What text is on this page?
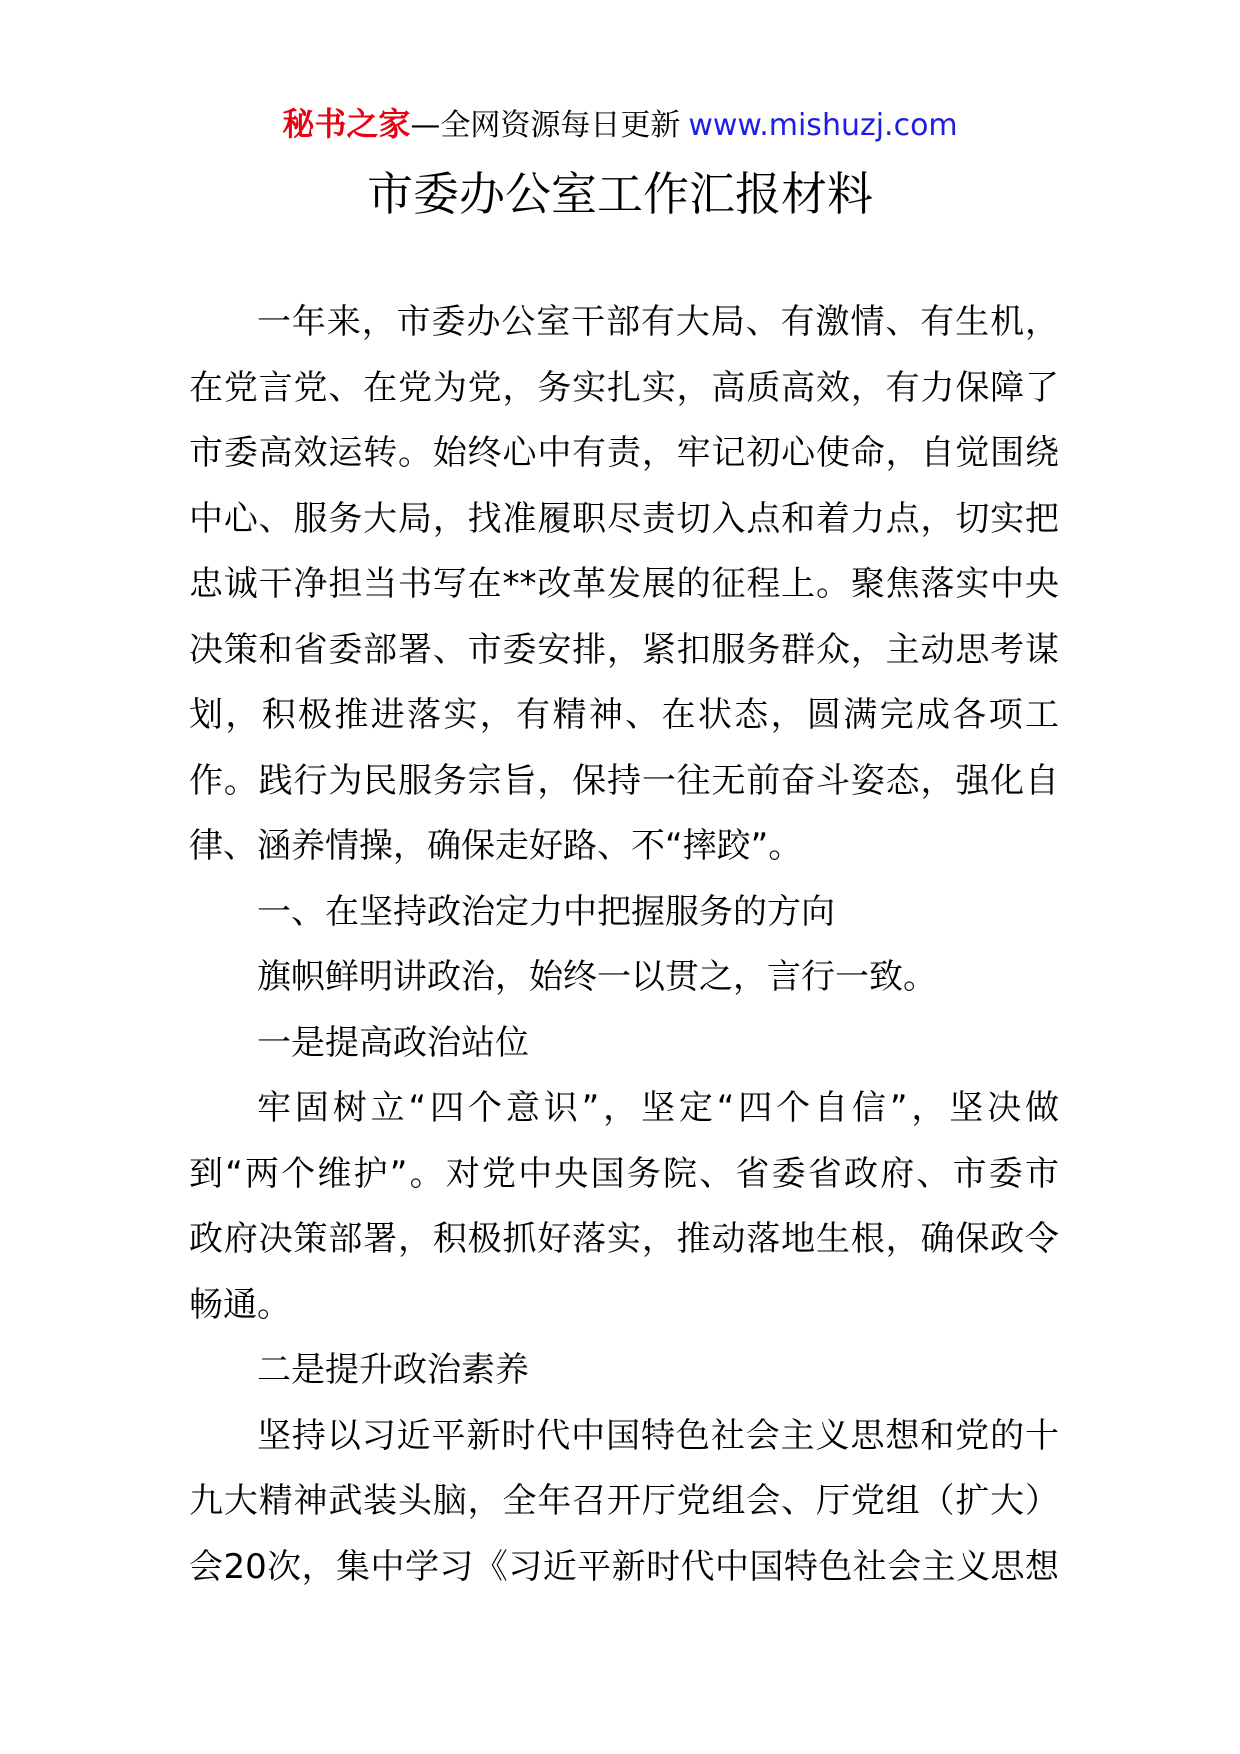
秘书之家—全网资源每日更新 www.mishuzj.com
市委办公室工作汇报材料
一年来，市委办公室干部有大局、有激情、有生机，
在党言党、在党为党，务实扎实，高质高效，有力保障了
市委高效运转。始终心中有责，牢记初心使命，自觉围绕
中心、服务大局，找准履职尽责切入点和着力点，切实把
忠诚干净担当书写在**改革发展的征程上。聚焦落实中央
决策和省委部署、市委安排，紧扣服务群众，主动思考谋
划，积极推进落实，有精神、在状态，圆满完成各项工
作。践行为民服务宗旨，保持一往无前奋斗姿态，强化自
律、涵养情操，确保走好路、不“摔跤”。
一、在坚持政治定力中把握服务的方向
旗帜鲜明讲政治，始终一以贯之，言行一致。
一是提高政治站位
牢固树立“四个意识”，坚定“四个自信”，坚决做
到“两个维护”。对党中央国务院、省委省政府、市委市
政府决策部署，积极抓好落实，推动落地生根，确保政令
畅通。
二是提升政治素养
坚持以习近平新时代中国特色社会主义思想和党的十
九大精神武装头脑，全年召开厅党组会、厅党组（扩大）
会20次，集中学习《习近平新时代中国特色社会主义思想
